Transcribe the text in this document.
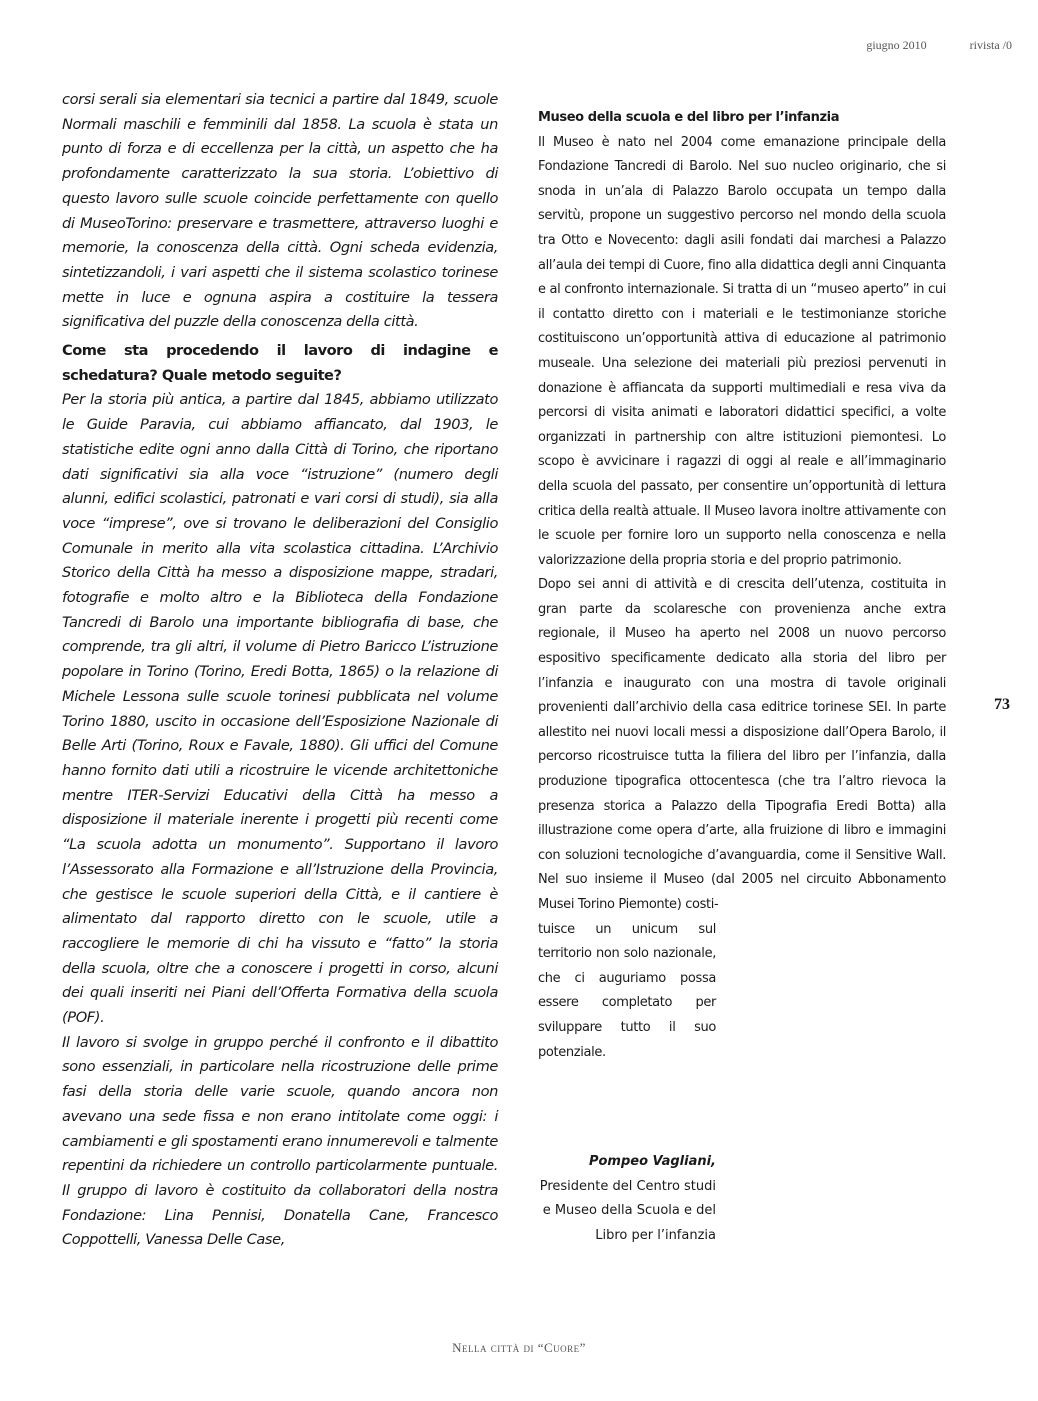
giugno 2010	rivista /0

corsi serali sia elementari sia tecnici a partire dal 1849, scuole Normali maschili e femminili dal 1858. La scuola è stata un punto di forza e di eccellenza per la città, un aspetto che ha profondamente caratterizzato la sua storia. L’obiettivo di questo lavoro sulle scuole coincide perfettamente con quello di MuseoTorino: preservare e trasmettere, attraverso luoghi e memorie, la conoscenza della città. Ogni scheda evidenzia, sintetizzandoli, i vari aspetti che il sistema scolastico torinese mette in luce e ognuna aspira a costituire la tessera significativa del puzzle della conoscenza della città.

Come sta procedendo il lavoro di indagine e schedatura? Quale metodo seguite?

Per la storia più antica, a partire dal 1845, abbiamo utilizzato le Guide Paravia, cui abbiamo affiancato, dal 1903, le statistiche edite ogni anno dalla Città di Torino, che riportano dati significativi sia alla voce “istruzione” (numero degli alunni, edifici scolastici, patronati e vari corsi di studi), sia alla voce “imprese”, ove si trovano le deliberazioni del Consiglio Comunale in merito alla vita scolastica cittadina. L’Archivio Storico della Città ha messo a disposizione mappe, stradari, fotografie e molto altro e la Biblioteca della Fondazione Tancredi di Barolo una importante bibliografia di base, che comprende, tra gli altri, il volume di Pietro Baricco L’istruzione popolare in Torino (Torino, Eredi Botta, 1865) o la relazione di Michele Lessona sulle scuole torinesi pubblicata nel volume Torino 1880, uscito in occasione dell’Esposizione Nazionale di Belle Arti (Torino, Roux e Favale, 1880). Gli uffici del Comune hanno fornito dati utili a ricostruire le vicende architettoniche mentre ITER-Servizi Educativi della Città ha messo a disposizione il materiale inerente i progetti più recenti come “La scuola adotta un monumento”. Supportano il lavoro l’Assessorato alla Formazione e all’Istruzione della Provincia, che gestisce le scuole superiori della Città, e il cantiere è alimentato dal rapporto diretto con le scuole, utile a raccogliere le memorie di chi ha vissuto e “fatto” la storia della scuola, oltre che a conoscere i progetti in corso, alcuni dei quali inseriti nei Piani dell’Offerta Formativa della scuola (POF).

Il lavoro si svolge in gruppo perché il confronto e il dibattito sono essenziali, in particolare nella ricostruzione delle prime fasi della storia delle varie scuole, quando ancora non avevano una sede fissa e non erano intitolate come oggi: i cambiamenti e gli spostamenti erano innumerevoli e talmente repentini da richiedere un controllo particolarmente puntuale. Il gruppo di lavoro è costituito da collaboratori della nostra Fondazione: Lina Pennisi, Donatella Cane, Francesco Coppottelli, Vanessa Delle Case,

Museo della scuola e del libro per l’infanzia

Il Museo è nato nel 2004 come emanazione principale della Fondazione Tancredi di Barolo. Nel suo nucleo originario, che si snoda in un’ala di Palazzo Barolo occupata un tempo dalla servitù, propone un suggestivo percorso nel mondo della scuola tra Otto e Novecento: dagli asili fondati dai marchesi a Palazzo all’aula dei tempi di Cuore, fino alla didattica degli anni Cinquanta e al confronto internazionale. Si tratta di un “museo aperto” in cui il contatto diretto con i materiali e le testimonianze storiche costituiscono un’opportunità attiva di educazione al patrimonio museale. Una selezione dei materiali più preziosi pervenuti in donazione è affiancata da supporti multimediali e resa viva da percorsi di visita animati e laboratori didattici specifici, a volte organizzati in partnership con altre istituzioni piemontesi. Lo scopo è avvicinare i ragazzi di oggi al reale e all’immaginario della scuola del passato, per consentire un’opportunità di lettura critica della realtà attuale. Il Museo lavora inoltre attivamente con le scuole per fornire loro un supporto nella conoscenza e nella valorizzazione della propria storia e del proprio patrimonio.

Dopo sei anni di attività e di crescita dell’utenza, costituita in gran parte da scolaresche con provenienza anche extra regionale, il Museo ha aperto nel 2008 un nuovo percorso espositivo specificamente dedicato alla storia del libro per l’infanzia e inaugurato con una mostra di tavole originali provenienti dall’archivio della casa editrice torinese SEI. In parte allestito nei nuovi locali messi a disposizione dall’Opera Barolo, il percorso ricostruisce tutta la filiera del libro per l’infanzia, dalla produzione tipografica ottocentesca (che tra l’altro rievoca la presenza storica a Palazzo della Tipografia Eredi Botta) alla illustrazione come opera d’arte, alla fruizione di libro e immagini con soluzioni tecnologiche d’avanguardia, come il Sensitive Wall. Nel suo insieme il Museo (dal 2005 nel circuito Abbonamento Musei Torino Piemonte) costi-

tuisce un unicum sul territorio non solo nazionale, che ci auguriamo possa essere completato per sviluppare tutto il suo potenziale.

Pompeo Vagliani,
Presidente del Centro studi e Museo della Scuola e del Libro per l’infanzia
73
Nella città di “Cuore”
